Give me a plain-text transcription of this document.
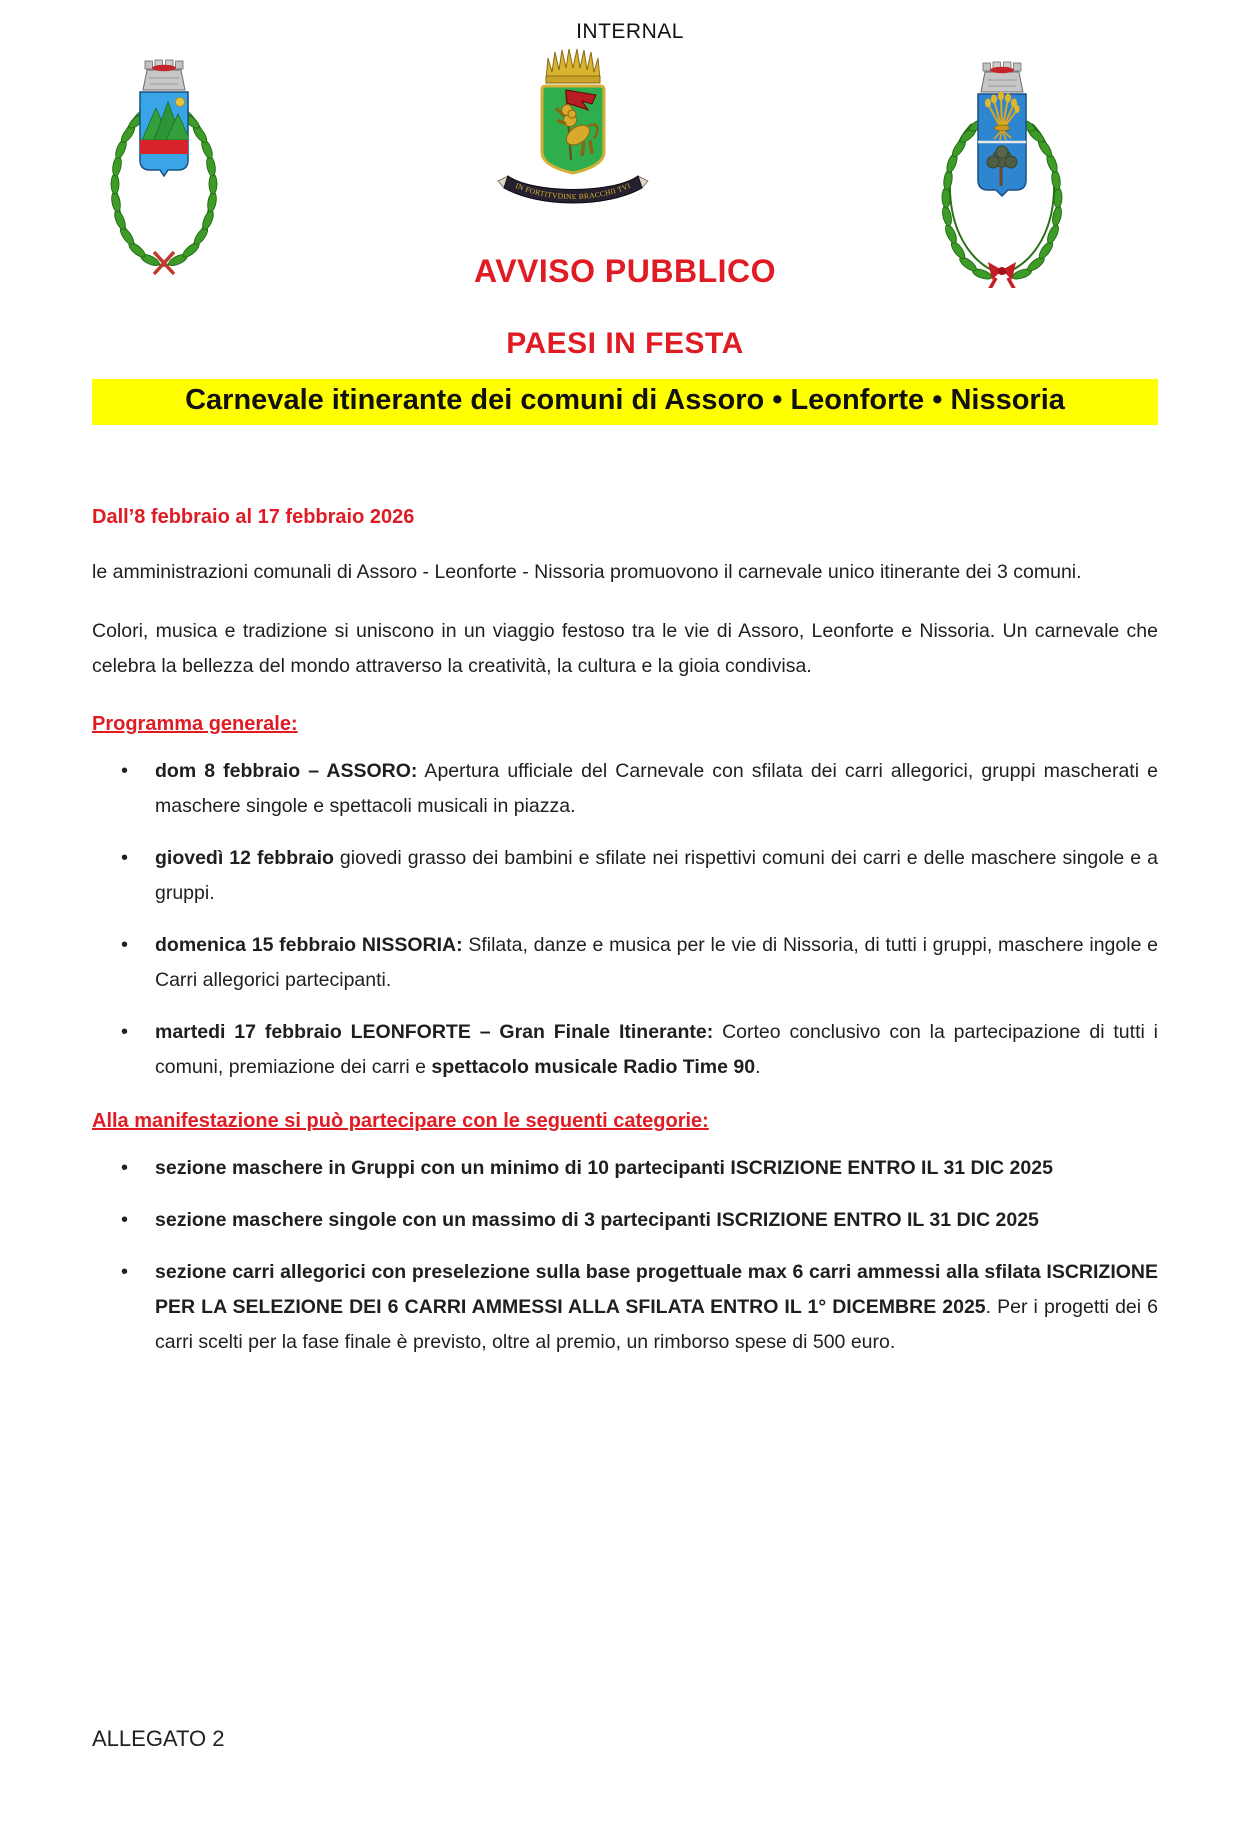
INTERNAL
IN FORTITVDINE BRACCHII TVI
AVVISO PUBBLICO
PAESI IN FESTA
Carnevale itinerante dei comuni di Assoro • Leonforte • Nissoria

Dall’8 febbraio al 17 febbraio 2026

le amministrazioni comunali di Assoro - Leonforte - Nissoria promuovono il carnevale unico itinerante dei 3 comuni.

Colori, musica e tradizione si uniscono in un viaggio festoso tra le vie di Assoro, Leonforte e Nissoria. Un carnevale che celebra la bellezza del mondo attraverso la creatività, la cultura e la gioia condivisa.

Programma generale:

• dom 8 febbraio – ASSORO: Apertura ufficiale del Carnevale con sfilata dei carri allegorici, gruppi mascherati e maschere singole e spettacoli musicali in piazza.
• giovedì 12 febbraio giovedi grasso dei bambini e sfilate nei rispettivi comuni dei carri e delle maschere singole e a gruppi.
• domenica 15 febbraio NISSORIA: Sfilata, danze e musica per le vie di Nissoria, di tutti i gruppi, maschere ingole e Carri allegorici partecipanti.
• martedi 17 febbraio LEONFORTE – Gran Finale Itinerante: Corteo conclusivo con la partecipazione di tutti i comuni, premiazione dei carri e spettacolo musicale Radio Time 90.

Alla manifestazione si può partecipare con le seguenti categorie:

• sezione maschere in Gruppi con un minimo di 10 partecipanti ISCRIZIONE ENTRO IL 31 DIC 2025
• sezione maschere singole con un massimo di 3 partecipanti ISCRIZIONE ENTRO IL 31 DIC 2025
• sezione carri allegorici con preselezione sulla base progettuale max 6 carri ammessi alla sfilata ISCRIZIONE PER LA SELEZIONE DEI 6 CARRI AMMESSI ALLA SFILATA ENTRO IL 1° DICEMBRE 2025. Per i progetti dei 6 carri scelti per la fase finale è previsto, oltre al premio, un rimborso spese di 500 euro.
ALLEGATO 2
